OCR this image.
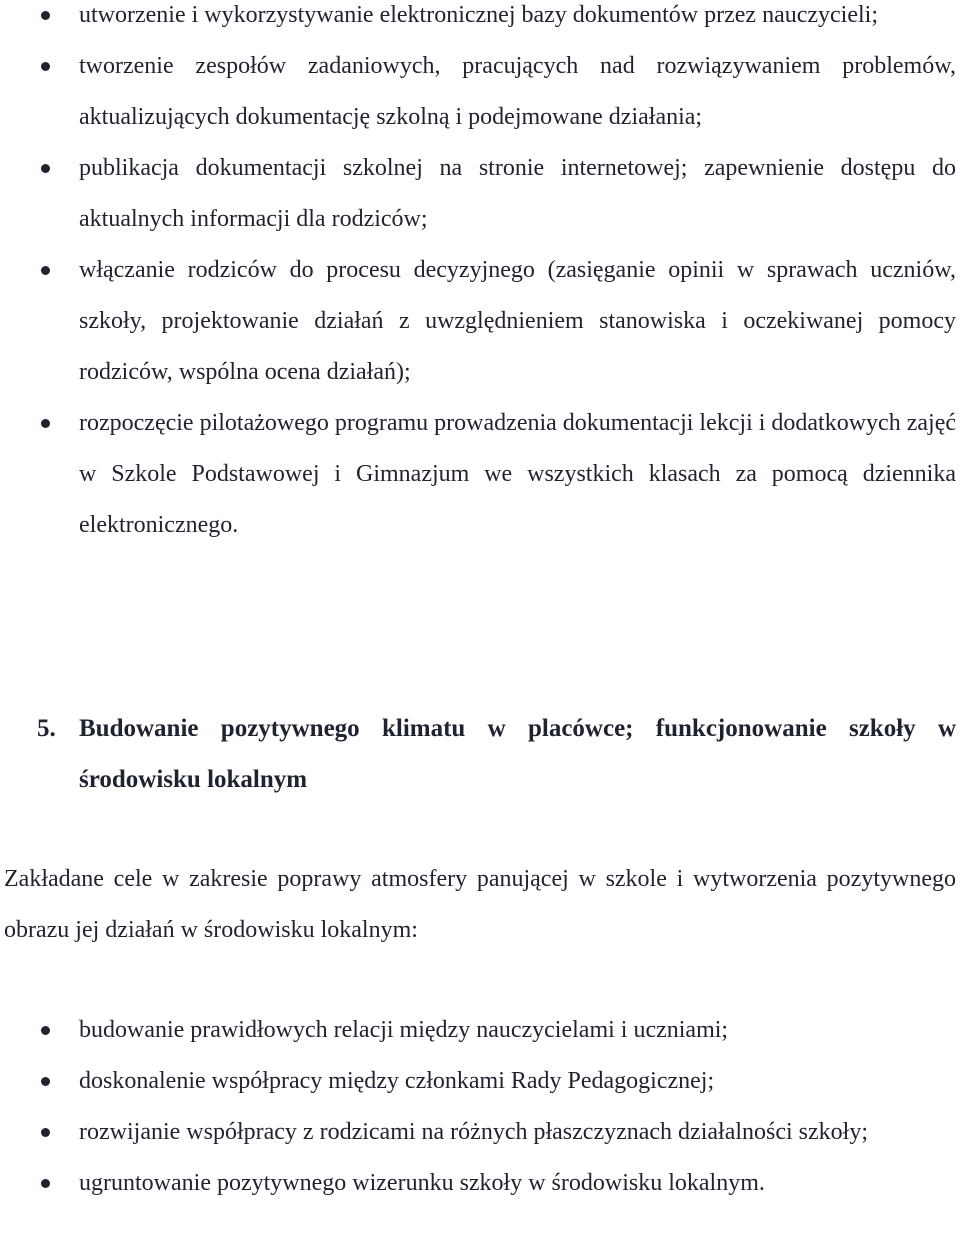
utworzenie i wykorzystywanie elektronicznej bazy dokumentów przez nauczycieli;
tworzenie zespołów zadaniowych, pracujących nad rozwiązywaniem problemów, aktualizujących dokumentację szkolną i podejmowane działania;
publikacja dokumentacji szkolnej na stronie internetowej; zapewnienie dostępu do aktualnych informacji dla rodziców;
włączanie rodziców do procesu decyzyjnego (zasięganie opinii w sprawach uczniów, szkoły, projektowanie działań z uwzględnieniem stanowiska i oczekiwanej pomocy rodziców, wspólna ocena działań);
rozpoczęcie pilotażowego programu prowadzenia dokumentacji lekcji i dodatkowych zajęć w Szkole Podstawowej i Gimnazjum we wszystkich klasach za pomocą dziennika elektronicznego.
5. Budowanie pozytywnego klimatu w placówce; funkcjonowanie szkoły w środowisku lokalnym

Zakładane cele w zakresie poprawy atmosfery panującej w szkole i wytworzenia pozytywnego obrazu jej działań w środowisku lokalnym:

budowanie prawidłowych relacji między nauczycielami i uczniami;
doskonalenie współpracy między członkami Rady Pedagogicznej;
rozwijanie współpracy z rodzicami na różnych płaszczyznach działalności szkoły;
ugruntowanie pozytywnego wizerunku szkoły w środowisku lokalnym.
